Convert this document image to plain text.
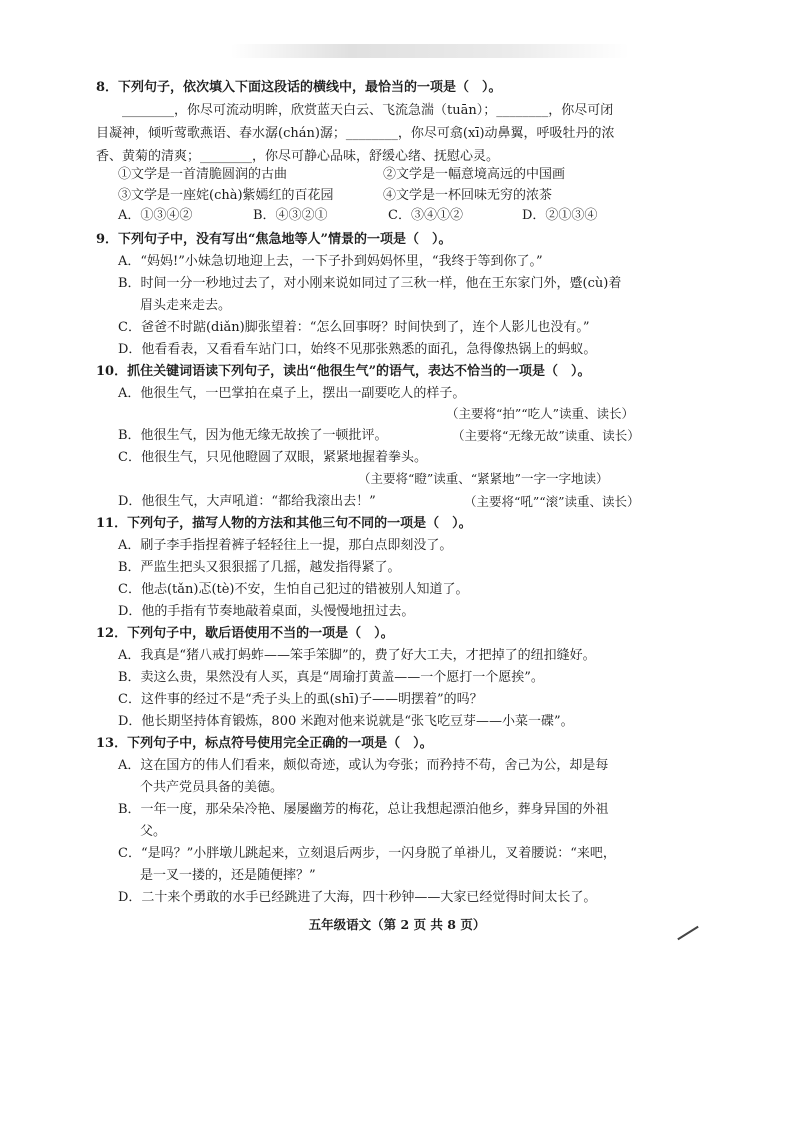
8．下列句子，依次填入下面这段话的横线中，最恰当的一项是（　）。
________，你尽可流动明眸，欣赏蓝天白云、飞流急湍（tuān）；________，你尽可闭
目凝神，倾听莺歌燕语、春水潺(chán)潺；________，你尽可翕(xī)动鼻翼，呼吸牡丹的浓
香、黄菊的清爽；________，你尽可静心品味，舒缓心绪、抚慰心灵。
①文学是一首清脆圆润的古曲	②文学是一幅意境高远的中国画
③文学是一座姹(chà)紫嫣红的百花园	④文学是一杯回味无穷的浓茶
A．①③④②	B．④③②①	C．③④①②	D．②①③④
9．下列句子中，没有写出“焦急地等人”情景的一项是（　）。
A．“妈妈!”小妹急切地迎上去，一下子扑到妈妈怀里，“我终于等到你了。”
B．时间一分一秒地过去了，对小刚来说如同过了三秋一样，他在王东家门外，蹙(cù)着
眉头走来走去。
C．爸爸不时踮(diǎn)脚张望着：“怎么回事呀？时间快到了，连个人影儿也没有。”
D．他看看表，又看看车站门口，始终不见那张熟悉的面孔，急得像热锅上的蚂蚁。
10．抓住关键词语读下列句子，读出“他很生气”的语气，表达不恰当的一项是（　）。
A．他很生气，一巴掌拍在桌子上，摆出一副要吃人的样子。
（主要将“拍”“吃人”读重、读长）
B．他很生气，因为他无缘无故挨了一顿批评。	（主要将“无缘无故”读重、读长）
C．他很生气，只见他瞪圆了双眼，紧紧地握着拳头。
（主要将“瞪”读重、“紧紧地”一字一字地读）
D．他很生气，大声吼道：“都给我滚出去！”	（主要将“吼”“滚”读重、读长）
11．下列句子，描写人物的方法和其他三句不同的一项是（　）。
A．刷子李手指捏着裤子轻轻往上一提，那白点即刻没了。
B．严监生把头又狠狠摇了几摇，越发指得紧了。
C．他忐(tǎn)忑(tè)不安，生怕自己犯过的错被别人知道了。
D．他的手指有节奏地敲着桌面，头慢慢地扭过去。
12．下列句子中，歇后语使用不当的一项是（　）。
A．我真是“猪八戒打蚂蚱——笨手笨脚”的，费了好大工夫，才把掉了的纽扣缝好。
B．卖这么贵，果然没有人买，真是“周瑜打黄盖——一个愿打一个愿挨”。
C．这件事的经过不是“秃子头上的虱(shī)子——明摆着”的吗？
D．他长期坚持体育锻炼，800 米跑对他来说就是“张飞吃豆芽——小菜一碟”。
13．下列句子中，标点符号使用完全正确的一项是（　）。
A．这在国方的伟人们看来，颇似奇迹，或认为夸张；而矜持不苟，舍己为公，却是每
个共产党员具备的美德。
B．一年一度，那朵朵冷艳、屡屡幽芳的梅花，总让我想起漂泊他乡，葬身异国的外祖
父。
C．“是吗？”小胖墩儿跳起来，立刻退后两步，一闪身脱了单褂儿，叉着腰说：“来吧，
是一叉一搂的，还是随便摔？”
D．二十来个勇敢的水手已经跳进了大海，四十秒钟——大家已经觉得时间太长了。
五年级语文（第 2 页 共 8 页）
